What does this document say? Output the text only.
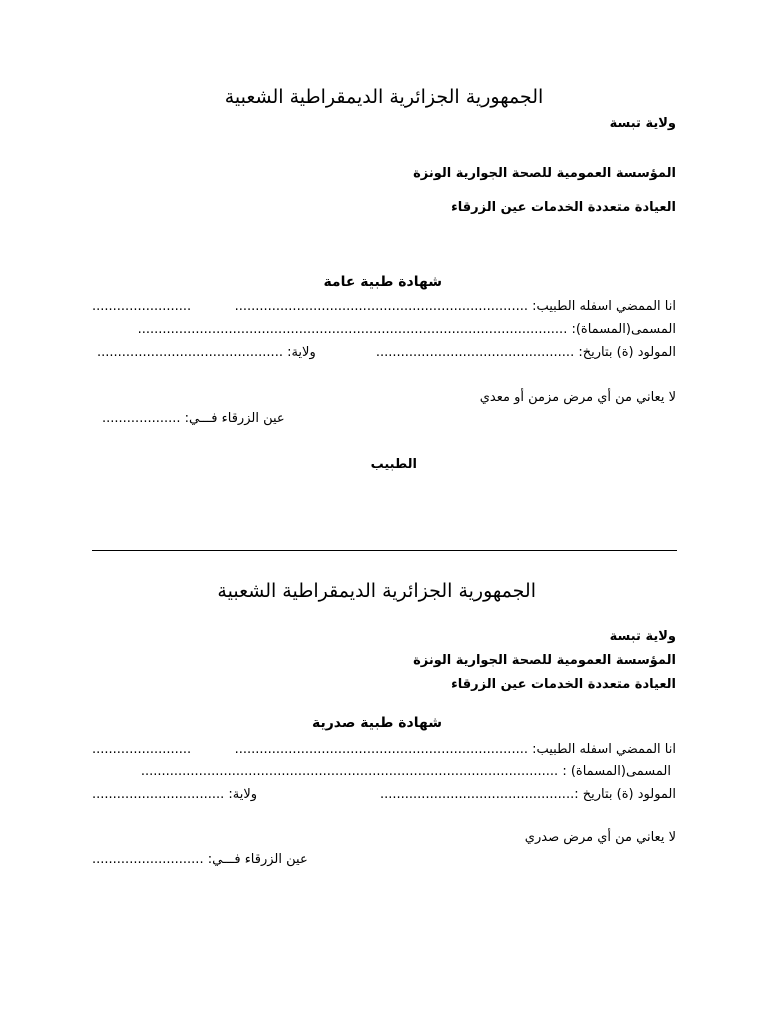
الجمهورية الجزائرية الديمقراطية الشعبية
ولاية تبسة
المؤسسة العمومية للصحة الجوارية الونزة
العيادة متعددة الخدمات عين الزرقاء
شهادة طبية عامة
انا الممضي اسفله الطبيب: .......................................................................
........................
المسمى(المسماة): ........................................................................................................
المولود (ة) بتاريخ: ................................................
ولاية: .............................................
لا يعاني من أي مرض مزمن أو معدي
عين الزرقاء فـــي: ...................
الطبيب
الجمهورية الجزائرية الديمقراطية الشعبية
ولاية تبسة
المؤسسة العمومية للصحة الجوارية الونزة
العيادة متعددة الخدمات عين الزرقاء
شهادة طبية صدرية
انا الممضي اسفله الطبيب: .......................................................................
........................
المسمى(المسماة) : .....................................................................................................
المولود (ة) بتاريخ :...............................................
ولاية: ................................
لا يعاني من أي مرض صدري
عين الزرقاء فـــي: ...........................
